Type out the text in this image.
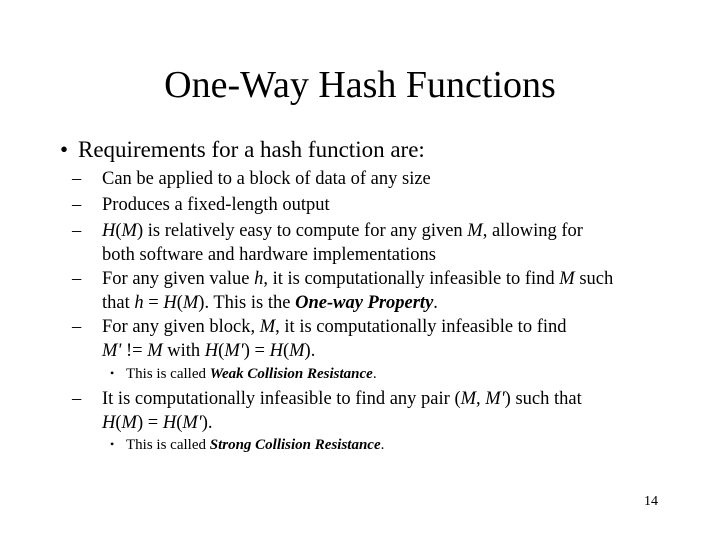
One-Way Hash Functions
• Requirements for a hash function are:
– Can be applied to a block of data of any size
– Produces a fixed-length output
– H(M) is relatively easy to compute for any given M, allowing for
both software and hardware implementations
– For any given value h, it is computationally infeasible to find M such
that h = H(M). This is the One-way Property.
– For any given block, M, it is computationally infeasible to find
M' != M with H(M') = H(M).
• This is called Weak Collision Resistance.
– It is computationally infeasible to find any pair (M, M') such that
H(M) = H(M').
• This is called Strong Collision Resistance.
14
